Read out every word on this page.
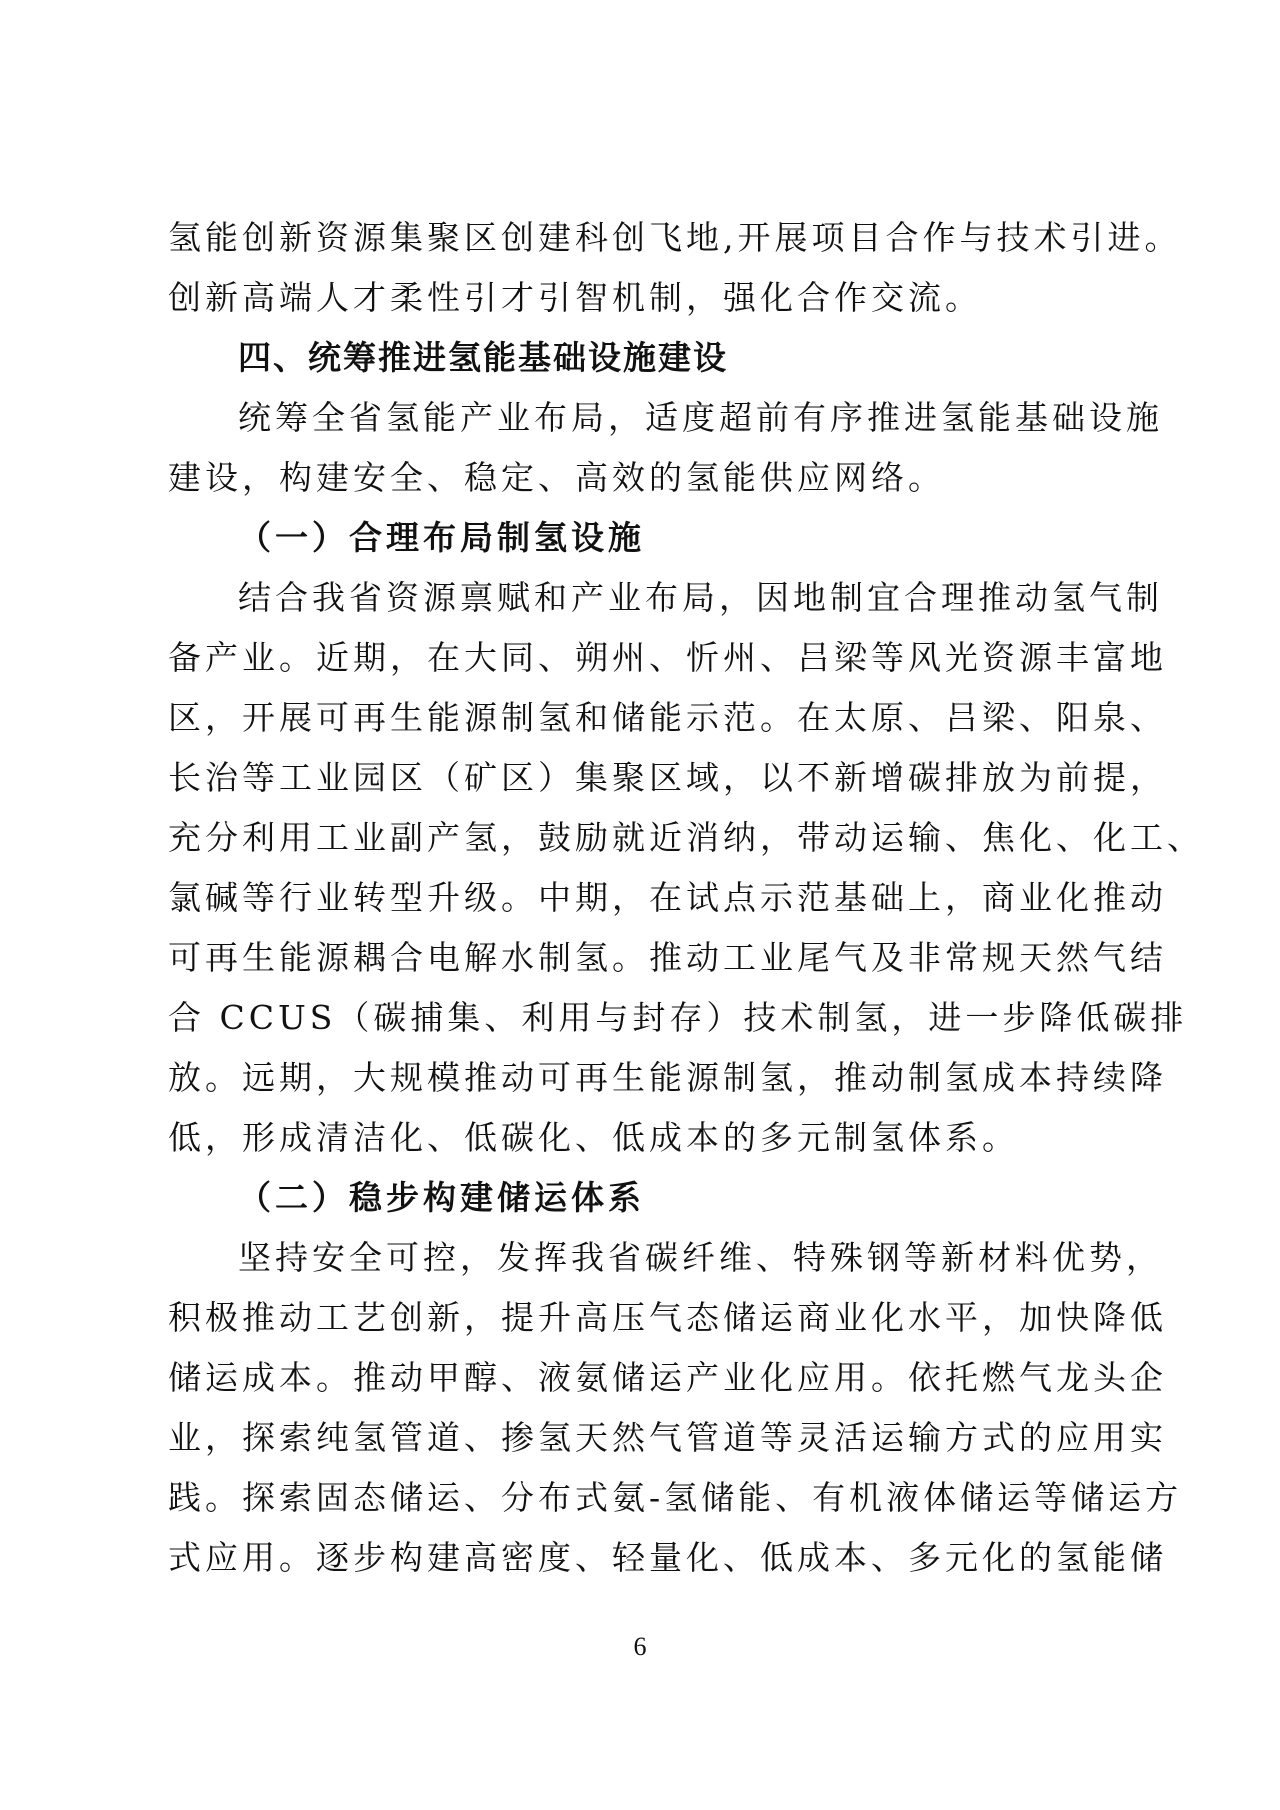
氢能创新资源集聚区创建科创飞地,开展项目合作与技术引进。
创新高端人才柔性引才引智机制，强化合作交流。
四、统筹推进氢能基础设施建设
统筹全省氢能产业布局，适度超前有序推进氢能基础设施
建设，构建安全、稳定、高效的氢能供应网络。
（一）合理布局制氢设施
结合我省资源禀赋和产业布局，因地制宜合理推动氢气制
备产业。近期，在大同、朔州、忻州、吕梁等风光资源丰富地
区，开展可再生能源制氢和储能示范。在太原、吕梁、阳泉、
长治等工业园区（矿区）集聚区域，以不新增碳排放为前提，
充分利用工业副产氢，鼓励就近消纳，带动运输、焦化、化工、
氯碱等行业转型升级。中期，在试点示范基础上，商业化推动
可再生能源耦合电解水制氢。推动工业尾气及非常规天然气结
合 CCUS（碳捕集、利用与封存）技术制氢，进一步降低碳排
放。远期，大规模推动可再生能源制氢，推动制氢成本持续降
低，形成清洁化、低碳化、低成本的多元制氢体系。
（二）稳步构建储运体系
坚持安全可控，发挥我省碳纤维、特殊钢等新材料优势，
积极推动工艺创新，提升高压气态储运商业化水平，加快降低
储运成本。推动甲醇、液氨储运产业化应用。依托燃气龙头企
业，探索纯氢管道、掺氢天然气管道等灵活运输方式的应用实
践。探索固态储运、分布式氨-氢储能、有机液体储运等储运方
式应用。逐步构建高密度、轻量化、低成本、多元化的氢能储
6
